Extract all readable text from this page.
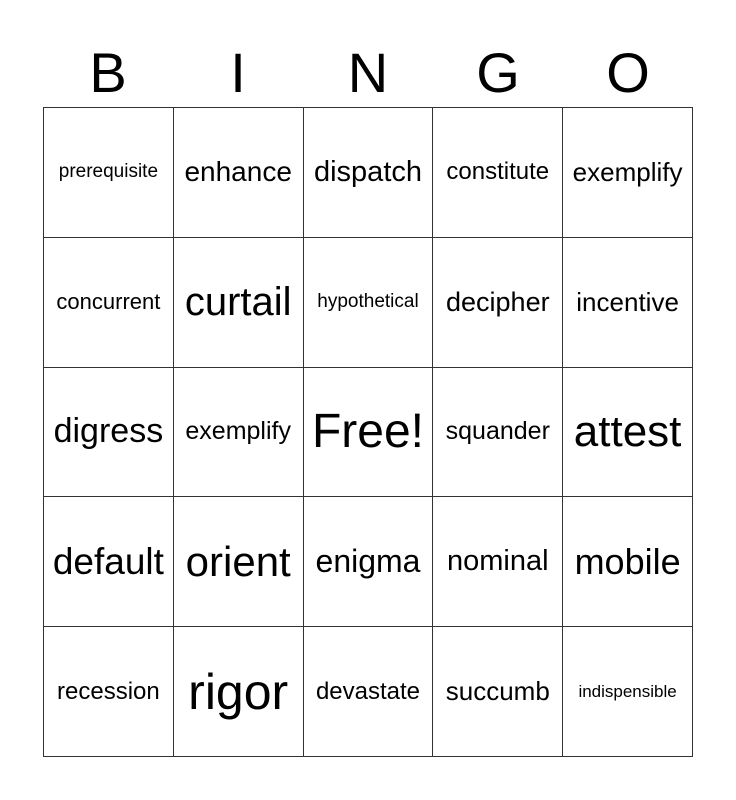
B	I	N	G	O
prerequisite	enhance	dispatch	constitute	exemplify
concurrent	curtail	hypothetical	decipher	incentive
digress	exemplify	Free!	squander	attest
default	orient	enigma	nominal	mobile
recession	rigor	devastate	succumb	indispensible
